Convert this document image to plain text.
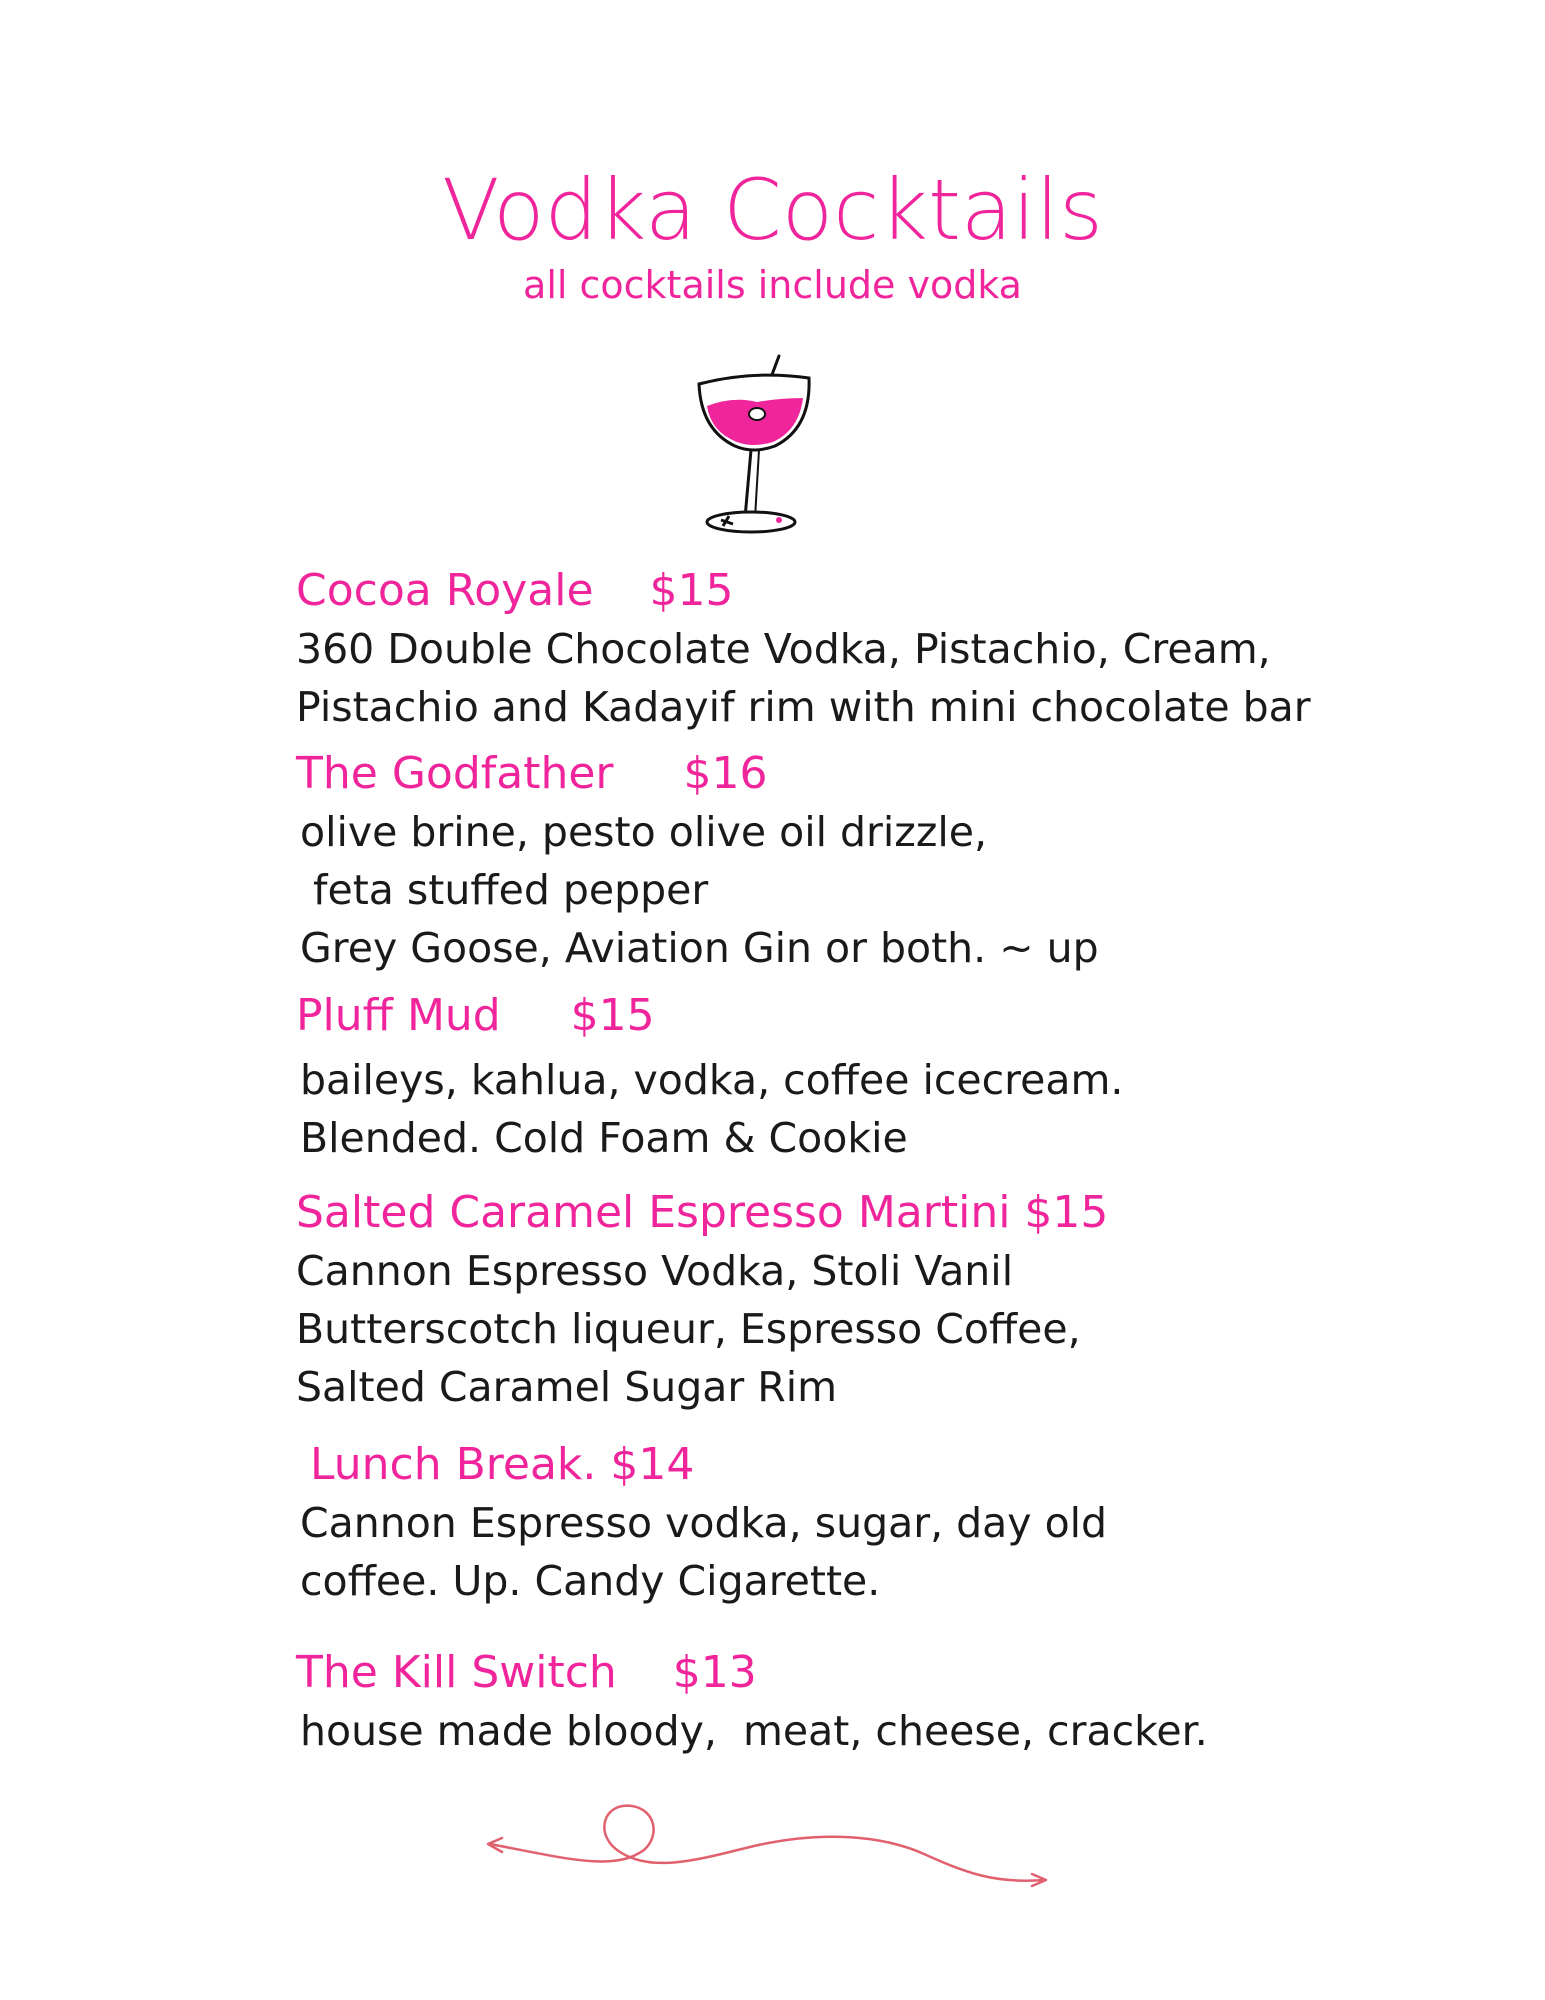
Vodka Cocktails
all cocktails include vodka
Cocoa Royale    $15
360 Double Chocolate Vodka, Pistachio, Cream,
Pistachio and Kadayif rim with mini chocolate bar
The Godfather     $16
olive brine, pesto olive oil drizzle,
feta stuffed pepper
Grey Goose, Aviation Gin or both. ~ up
Pluff Mud     $15
baileys, kahlua, vodka, coffee icecream.
Blended. Cold Foam & Cookie
Salted Caramel Espresso Martini $15
Cannon Espresso Vodka, Stoli Vanil
Butterscotch liqueur, Espresso Coffee,
Salted Caramel Sugar Rim
Lunch Break. $14
Cannon Espresso vodka, sugar, day old
coffee. Up. Candy Cigarette.
The Kill Switch    $13
house made bloody,  meat, cheese, cracker.
